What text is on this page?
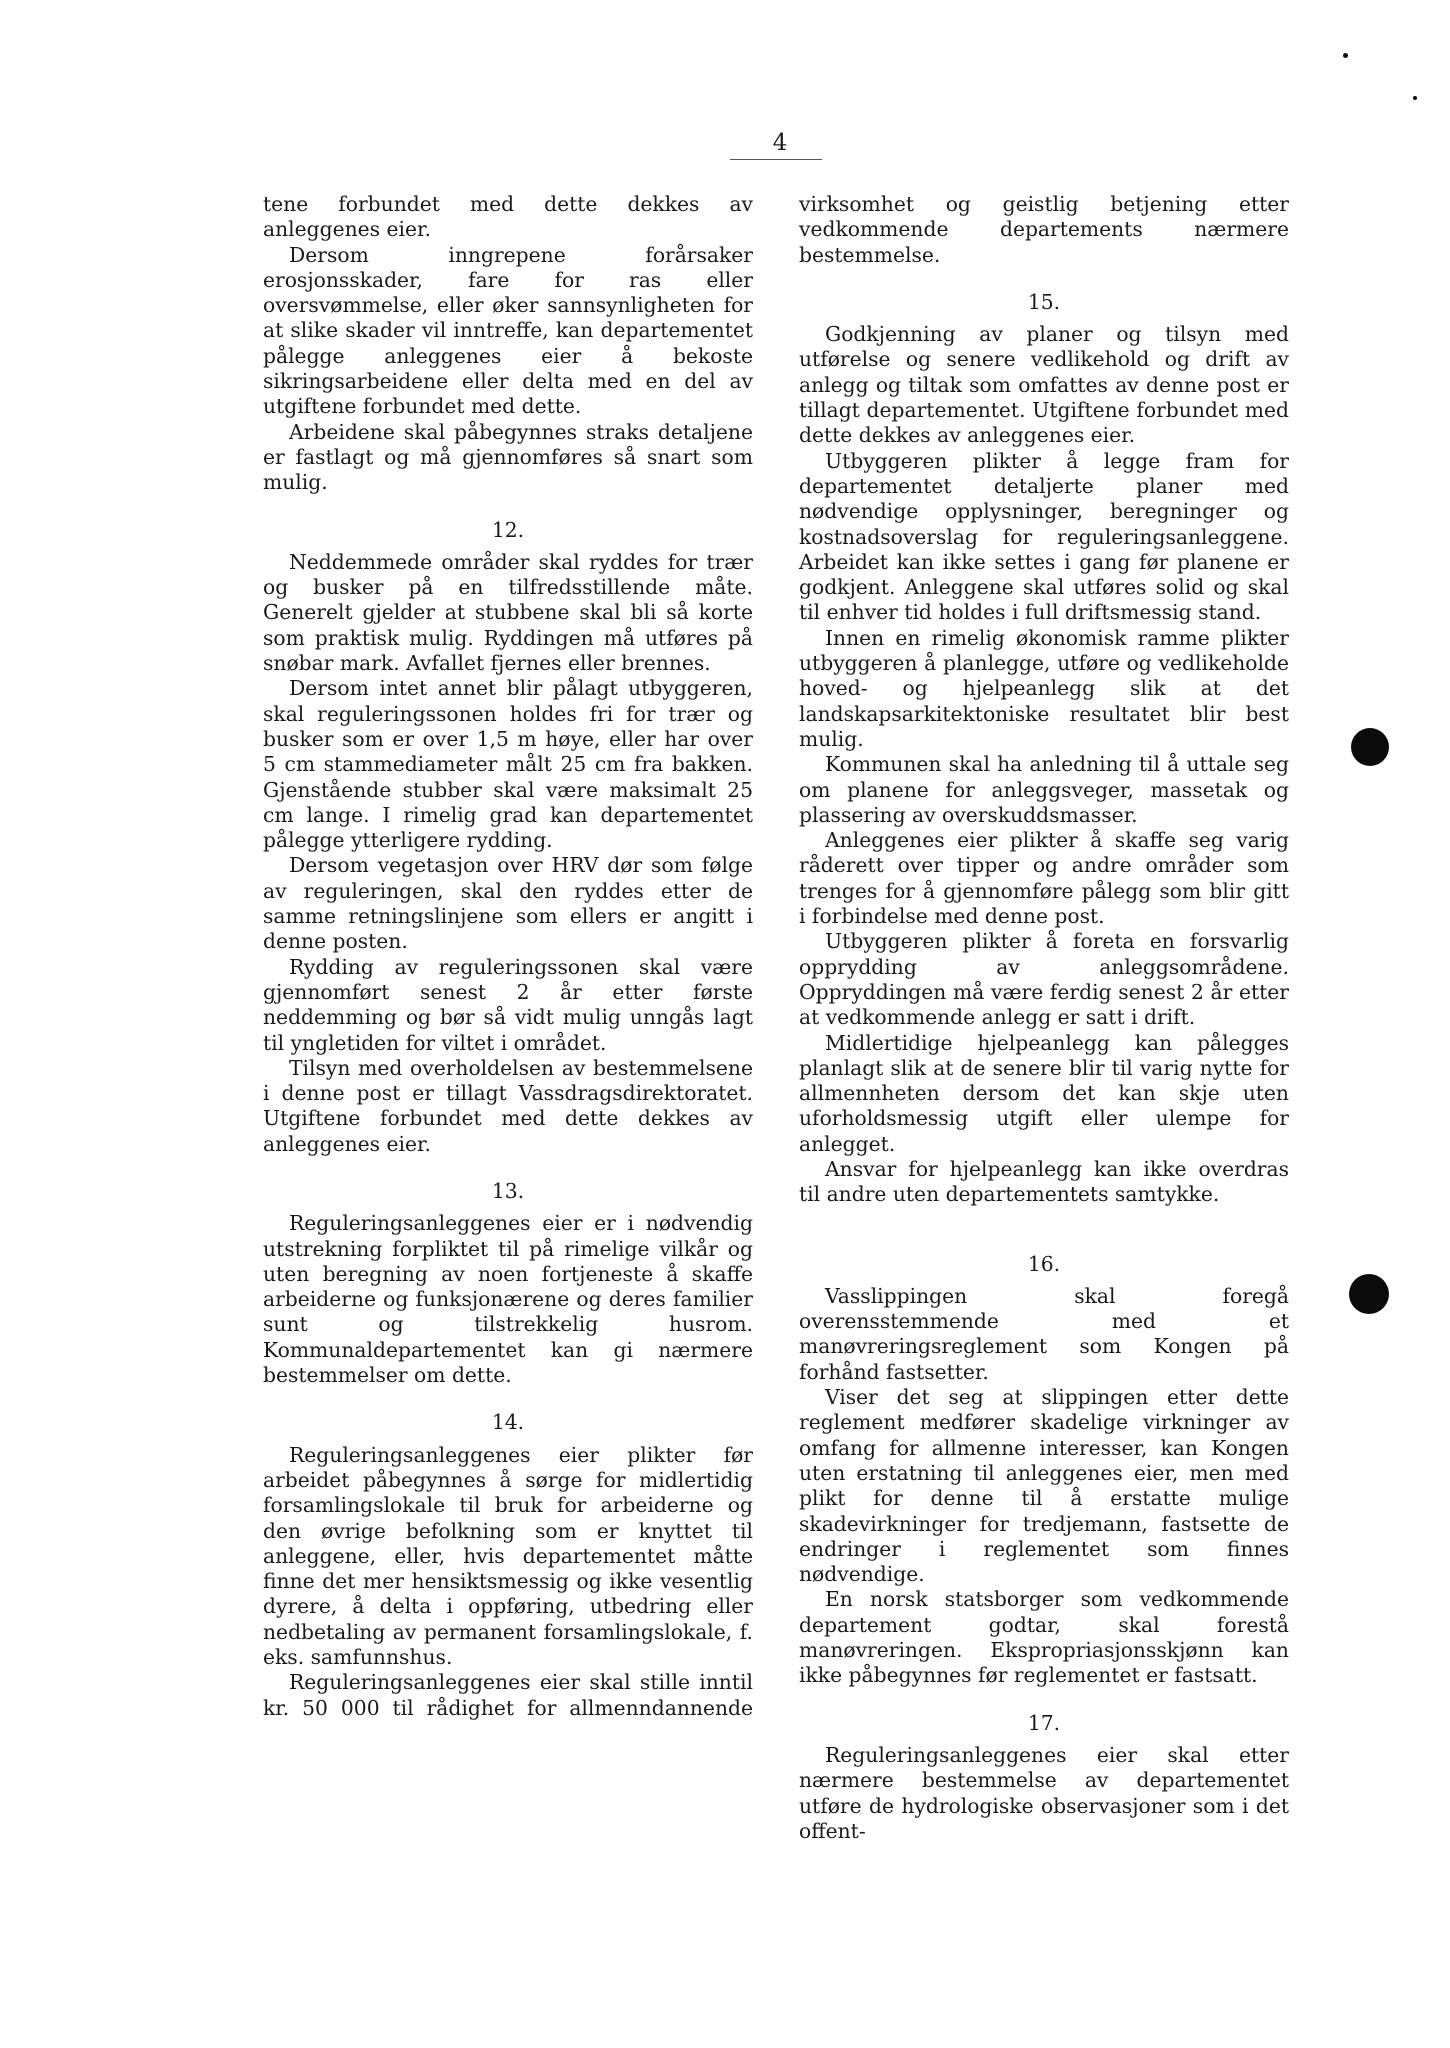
4

tene forbundet med dette dekkes av anleggenes eier.

Dersom inngrepene forårsaker erosjonsskader, fare for ras eller oversvømmelse, eller øker sannsynligheten for at slike skader vil inntreffe, kan departementet pålegge anleggenes eier å bekoste sikringsarbeidene eller delta med en del av utgiftene forbundet med dette.

Arbeidene skal påbegynnes straks detaljene er fastlagt og må gjennomføres så snart som mulig.

12.

Neddemmede områder skal ryddes for trær og busker på en tilfredsstillende måte. Generelt gjelder at stubbene skal bli så korte som praktisk mulig. Ryddingen må utføres på snøbar mark. Avfallet fjernes eller brennes.

Dersom intet annet blir pålagt utbyggeren, skal reguleringssonen holdes fri for trær og busker som er over 1,5 m høye, eller har over 5 cm stammediameter målt 25 cm fra bakken. Gjenstående stubber skal være maksimalt 25 cm lange. I rimelig grad kan departementet pålegge ytterligere rydding.

Dersom vegetasjon over HRV dør som følge av reguleringen, skal den ryddes etter de samme retningslinjene som ellers er angitt i denne posten.

Rydding av reguleringssonen skal være gjennomført senest 2 år etter første neddemming og bør så vidt mulig unngås lagt til yngletiden for viltet i området.

Tilsyn med overholdelsen av bestemmelsene i denne post er tillagt Vassdragsdirektoratet. Utgiftene forbundet med dette dekkes av anleggenes eier.

13.

Reguleringsanleggenes eier er i nødvendig utstrekning forpliktet til på rimelige vilkår og uten beregning av noen fortjeneste å skaffe arbeiderne og funksjonærene og deres familier sunt og tilstrekkelig husrom. Kommunaldepartementet kan gi nærmere bestemmelser om dette.

14.

Reguleringsanleggenes eier plikter før arbeidet påbegynnes å sørge for midlertidig forsamlingslokale til bruk for arbeiderne og den øvrige befolkning som er knyttet til anleggene, eller, hvis departementet måtte finne det mer hensiktsmessig og ikke vesentlig dyrere, å delta i oppføring, utbedring eller nedbetaling av permanent forsamlingslokale, f. eks. samfunnshus.

Reguleringsanleggenes eier skal stille inntil kr. 50 000 til rådighet for allmenndannende

virksomhet og geistlig betjening etter vedkommende departements nærmere bestemmelse.

15.

Godkjenning av planer og tilsyn med utførelse og senere vedlikehold og drift av anlegg og tiltak som omfattes av denne post er tillagt departementet. Utgiftene forbundet med dette dekkes av anleggenes eier.

Utbyggeren plikter å legge fram for departementet detaljerte planer med nødvendige opplysninger, beregninger og kostnadsoverslag for reguleringsanleggene. Arbeidet kan ikke settes i gang før planene er godkjent. Anleggene skal utføres solid og skal til enhver tid holdes i full driftsmessig stand.

Innen en rimelig økonomisk ramme plikter utbyggeren å planlegge, utføre og vedlikeholde hoved- og hjelpeanlegg slik at det landskapsarkitektoniske resultatet blir best mulig.

Kommunen skal ha anledning til å uttale seg om planene for anleggsveger, massetak og plassering av overskuddsmasser.

Anleggenes eier plikter å skaffe seg varig råderett over tipper og andre områder som trenges for å gjennomføre pålegg som blir gitt i forbindelse med denne post.

Utbyggeren plikter å foreta en forsvarlig opprydding av anleggsområdene. Oppryddingen må være ferdig senest 2 år etter at vedkommende anlegg er satt i drift.

Midlertidige hjelpeanlegg kan pålegges planlagt slik at de senere blir til varig nytte for allmennheten dersom det kan skje uten uforholdsmessig utgift eller ulempe for anlegget.

Ansvar for hjelpeanlegg kan ikke overdras til andre uten departementets samtykke.

16.

Vasslippingen skal foregå overensstemmende med et manøvreringsreglement som Kongen på forhånd fastsetter.

Viser det seg at slippingen etter dette reglement medfører skadelige virkninger av omfang for allmenne interesser, kan Kongen uten erstatning til anleggenes eier, men med plikt for denne til å erstatte mulige skadevirkninger for tredjemann, fastsette de endringer i reglementet som finnes nødvendige.

En norsk statsborger som vedkommende departement godtar, skal forestå manøvreringen. Ekspropriasjonsskjønn kan ikke påbegynnes før reglementet er fastsatt.

17.

Reguleringsanleggenes eier skal etter nærmere bestemmelse av departementet utføre de hydrologiske observasjoner som i det offent-
